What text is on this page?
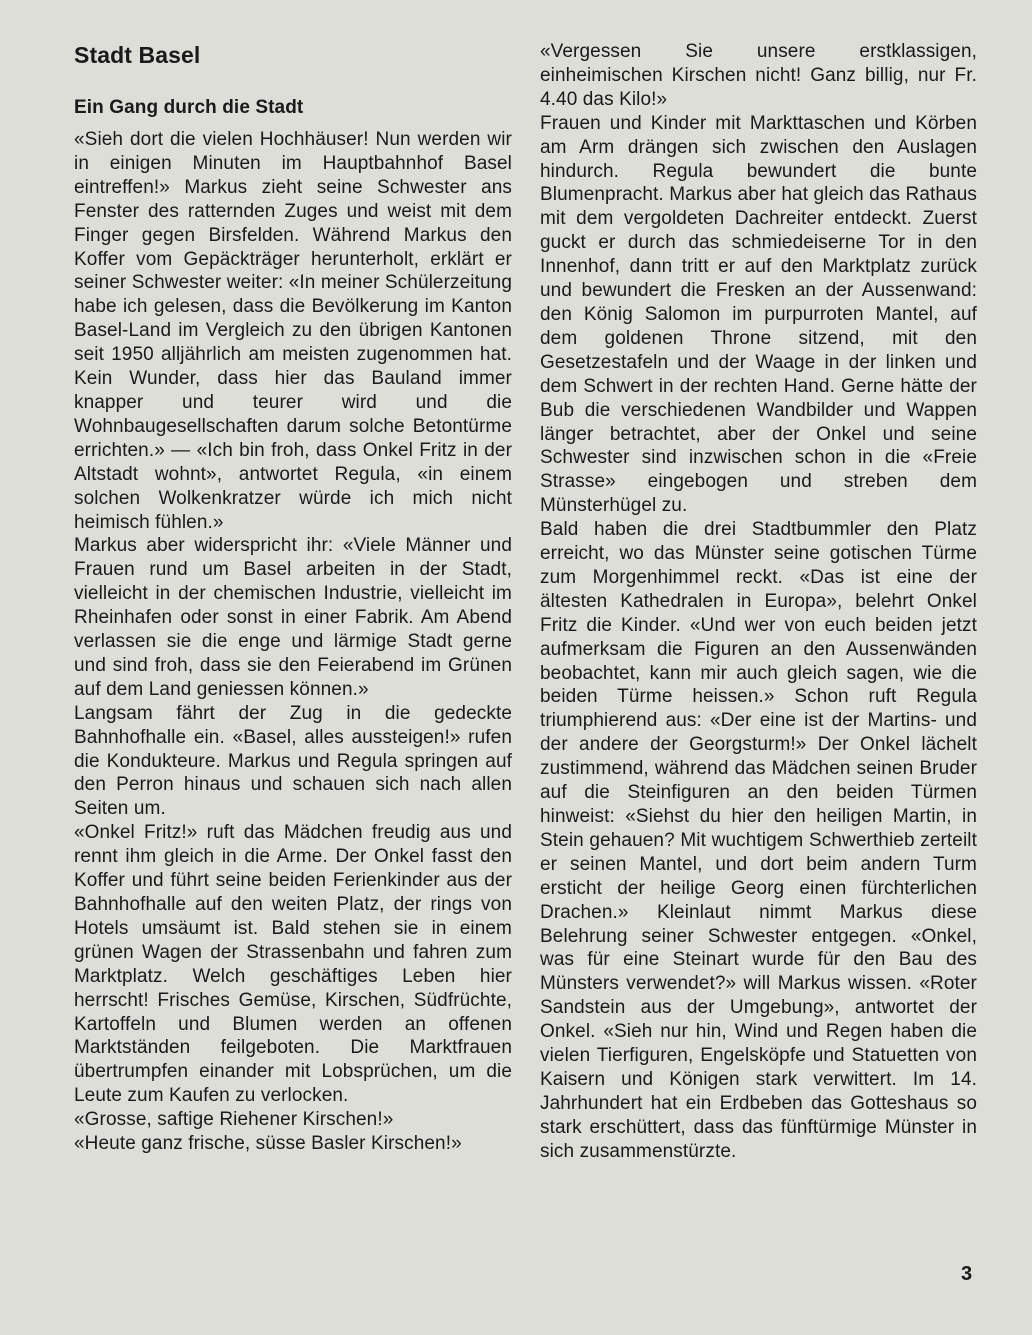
Stadt Basel
Ein Gang durch die Stadt

«Sieh dort die vielen Hochhäuser! Nun werden wir in einigen Minuten im Hauptbahnhof Basel eintreffen!» Markus zieht seine Schwester ans Fenster des ratternden Zuges und weist mit dem Finger gegen Birsfelden. Während Markus den Koffer vom Gepäckträger herunterholt, erklärt er seiner Schwester weiter: «In meiner Schülerzeitung habe ich gelesen, dass die Bevölkerung im Kanton Basel-Land im Vergleich zu den übrigen Kantonen seit 1950 alljährlich am meisten zugenommen hat. Kein Wunder, dass hier das Bauland immer knapper und teurer wird und die Wohnbaugesellschaften darum solche Betontürme errichten.» — «Ich bin froh, dass Onkel Fritz in der Altstadt wohnt», antwortet Regula, «in einem solchen Wolkenkratzer würde ich mich nicht heimisch fühlen.»

Markus aber widerspricht ihr: «Viele Männer und Frauen rund um Basel arbeiten in der Stadt, vielleicht in der chemischen Industrie, vielleicht im Rheinhafen oder sonst in einer Fabrik. Am Abend verlassen sie die enge und lärmige Stadt gerne und sind froh, dass sie den Feierabend im Grünen auf dem Land geniessen können.»

Langsam fährt der Zug in die gedeckte Bahnhofhalle ein. «Basel, alles aussteigen!» rufen die Kondukteure. Markus und Regula springen auf den Perron hinaus und schauen sich nach allen Seiten um.

«Onkel Fritz!» ruft das Mädchen freudig aus und rennt ihm gleich in die Arme. Der Onkel fasst den Koffer und führt seine beiden Ferienkinder aus der Bahnhofhalle auf den weiten Platz, der rings von Hotels umsäumt ist. Bald stehen sie in einem grünen Wagen der Strassenbahn und fahren zum Marktplatz. Welch geschäftiges Leben hier herrscht! Frisches Gemüse, Kirschen, Südfrüchte, Kartoffeln und Blumen werden an offenen Marktständen feilgeboten. Die Marktfrauen übertrumpfen einander mit Lobsprüchen, um die Leute zum Kaufen zu verlocken.

«Grosse, saftige Riehener Kirschen!»

«Heute ganz frische, süsse Basler Kirschen!»

«Vergessen Sie unsere erstklassigen, einheimischen Kirschen nicht! Ganz billig, nur Fr. 4.40 das Kilo!»

Frauen und Kinder mit Markttaschen und Körben am Arm drängen sich zwischen den Auslagen hindurch. Regula bewundert die bunte Blumenpracht. Markus aber hat gleich das Rathaus mit dem vergoldeten Dachreiter entdeckt. Zuerst guckt er durch das schmiedeiserne Tor in den Innenhof, dann tritt er auf den Marktplatz zurück und bewundert die Fresken an der Aussenwand: den König Salomon im purpurroten Mantel, auf dem goldenen Throne sitzend, mit den Gesetzestafeln und der Waage in der linken und dem Schwert in der rechten Hand. Gerne hätte der Bub die verschiedenen Wandbilder und Wappen länger betrachtet, aber der Onkel und seine Schwester sind inzwischen schon in die «Freie Strasse» eingebogen und streben dem Münsterhügel zu.

Bald haben die drei Stadtbummler den Platz erreicht, wo das Münster seine gotischen Türme zum Morgenhimmel reckt. «Das ist eine der ältesten Kathedralen in Europa», belehrt Onkel Fritz die Kinder. «Und wer von euch beiden jetzt aufmerksam die Figuren an den Aussenwänden beobachtet, kann mir auch gleich sagen, wie die beiden Türme heissen.» Schon ruft Regula triumphierend aus: «Der eine ist der Martins- und der andere der Georgsturm!» Der Onkel lächelt zustimmend, während das Mädchen seinen Bruder auf die Steinfiguren an den beiden Türmen hinweist: «Siehst du hier den heiligen Martin, in Stein gehauen? Mit wuchtigem Schwerthieb zerteilt er seinen Mantel, und dort beim andern Turm ersticht der heilige Georg einen fürchterlichen Drachen.» Kleinlaut nimmt Markus diese Belehrung seiner Schwester entgegen. «Onkel, was für eine Steinart wurde für den Bau des Münsters verwendet?» will Markus wissen. «Roter Sandstein aus der Umgebung», antwortet der Onkel. «Sieh nur hin, Wind und Regen haben die vielen Tierfiguren, Engelsköpfe und Statuetten von Kaisern und Königen stark verwittert. Im 14. Jahrhundert hat ein Erdbeben das Gotteshaus so stark erschüttert, dass das fünftürmige Münster in sich zusammenstürzte.

3
